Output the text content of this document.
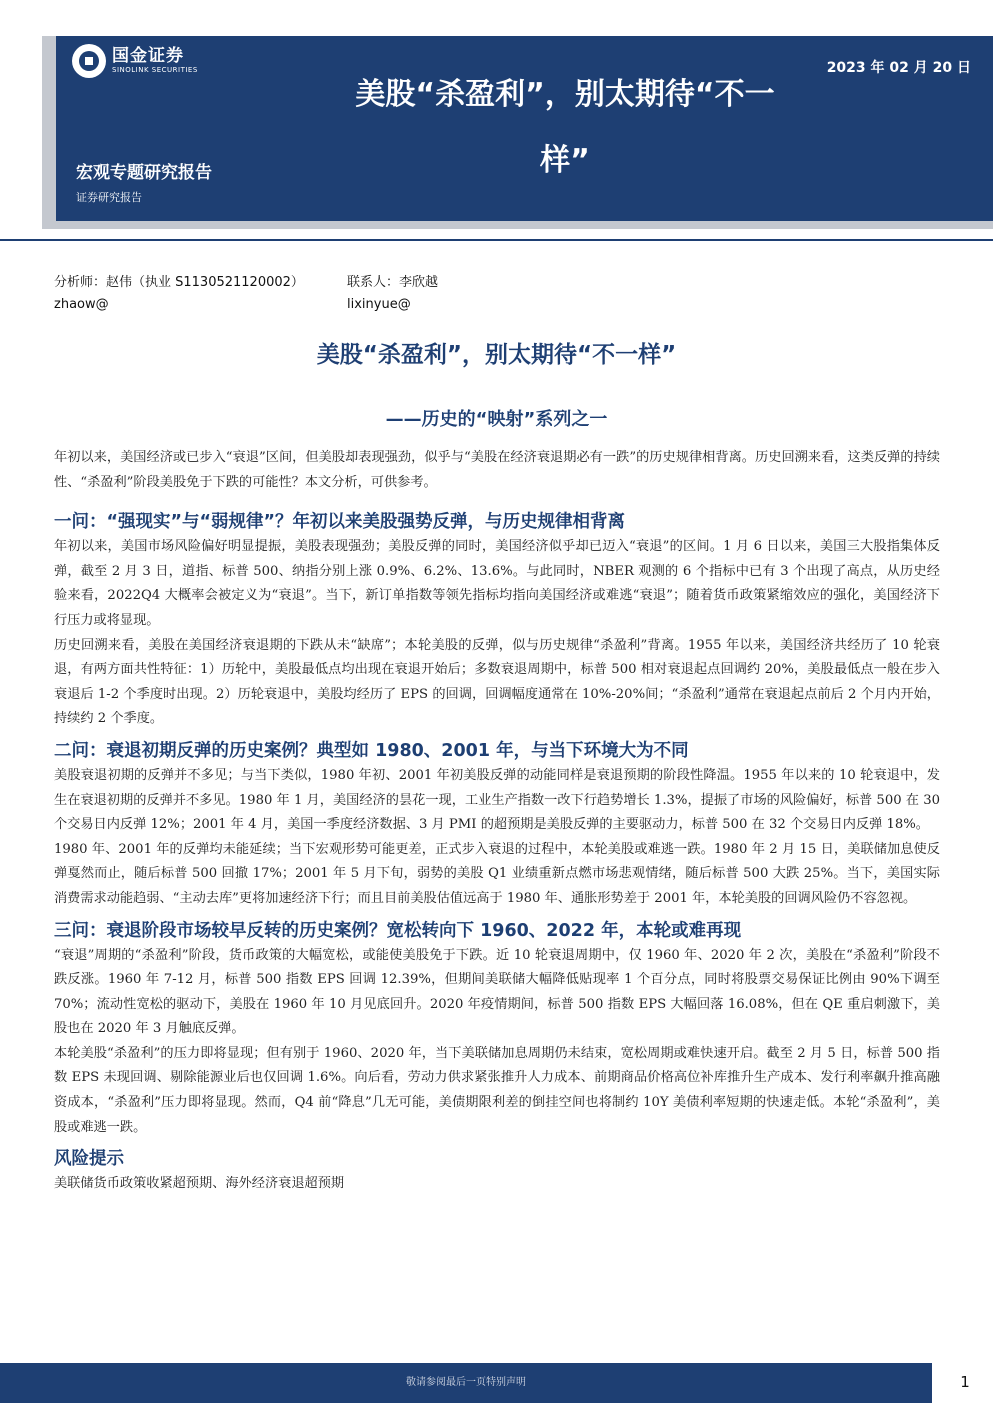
国金证券
SINOLINK SECURITIES	2023 年 02 月 20 日
美股“杀盈利”，别太期待“不一样”
宏观专题研究报告
证券研究报告
分析师：赵伟（执业 S1130521120002）
zhaow@
联系人：李欣越
lixinyue@
美股“杀盈利”，别太期待“不一样”
——历史的“映射”系列之一

年初以来，美国经济或已步入“衰退”区间，但美股却表现强劲，似乎与“美股在经济衰退期必有一跌”的历史规律相背离。历史回溯来看，这类反弹的持续性、“杀盈利”阶段美股免于下跌的可能性？本文分析，可供参考。

一问：“强现实”与“弱规律”？年初以来美股强势反弹，与历史规律相背离

年初以来，美国市场风险偏好明显提振，美股表现强劲；美股反弹的同时，美国经济似乎却已迈入“衰退”的区间。1 月 6 日以来，美国三大股指集体反弹，截至 2 月 3 日，道指、标普 500、纳指分别上涨 0.9%、6.2%、13.6%。与此同时，NBER 观测的 6 个指标中已有 3 个出现了高点，从历史经验来看，2022Q4 大概率会被定义为“衰退”。当下，新订单指数等领先指标均指向美国经济或难逃“衰退”；随着货币政策紧缩效应的强化，美国经济下行压力或将显现。

历史回溯来看，美股在美国经济衰退期的下跌从未“缺席”；本轮美股的反弹，似与历史规律“杀盈利”背离。1955 年以来，美国经济共经历了 10 轮衰退，有两方面共性特征：1）历轮中，美股最低点均出现在衰退开始后；多数衰退周期中，标普 500 相对衰退起点回调约 20%，美股最低点一般在步入衰退后 1-2 个季度时出现。2）历轮衰退中，美股均经历了 EPS 的回调，回调幅度通常在 10%-20%间；“杀盈利”通常在衰退起点前后 2 个月内开始，持续约 2 个季度。

二问：衰退初期反弹的历史案例？典型如 1980、2001 年，与当下环境大为不同

美股衰退初期的反弹并不多见；与当下类似，1980 年初、2001 年初美股反弹的动能同样是衰退预期的阶段性降温。1955 年以来的 10 轮衰退中，发生在衰退初期的反弹并不多见。1980 年 1 月，美国经济的昙花一现，工业生产指数一改下行趋势增长 1.3%，提振了市场的风险偏好，标普 500 在 30 个交易日内反弹 12%；2001 年 4 月，美国一季度经济数据、3 月 PMI 的超预期是美股反弹的主要驱动力，标普 500 在 32 个交易日内反弹 18%。

1980 年、2001 年的反弹均未能延续；当下宏观形势可能更差，正式步入衰退的过程中，本轮美股或难逃一跌。1980 年 2 月 15 日，美联储加息使反弹戛然而止，随后标普 500 回撤 17%；2001 年 5 月下旬，弱势的美股 Q1 业绩重新点燃市场悲观情绪，随后标普 500 大跌 25%。当下，美国实际消费需求动能趋弱、“主动去库”更将加速经济下行；而且目前美股估值远高于 1980 年、通胀形势差于 2001 年，本轮美股的回调风险仍不容忽视。

三问：衰退阶段市场较早反转的历史案例？宽松转向下 1960、2022 年，本轮或难再现

“衰退”周期的“杀盈利”阶段，货币政策的大幅宽松，或能使美股免于下跌。近 10 轮衰退周期中，仅 1960 年、2020 年 2 次，美股在“杀盈利”阶段不跌反涨。1960 年 7-12 月，标普 500 指数 EPS 回调 12.39%，但期间美联储大幅降低贴现率 1 个百分点，同时将股票交易保证比例由 90%下调至 70%；流动性宽松的驱动下，美股在 1960 年 10 月见底回升。2020 年疫情期间，标普 500 指数 EPS 大幅回落 16.08%，但在 QE 重启刺激下，美股也在 2020 年 3 月触底反弹。

本轮美股“杀盈利”的压力即将显现；但有别于 1960、2020 年，当下美联储加息周期仍未结束，宽松周期或难快速开启。截至 2 月 5 日，标普 500 指数 EPS 未现回调、剔除能源业后也仅回调 1.6%。向后看，劳动力供求紧张推升人力成本、前期商品价格高位补库推升生产成本、发行利率飙升推高融资成本，“杀盈利”压力即将显现。然而，Q4 前“降息”几无可能，美债期限利差的倒挂空间也将制约 10Y 美债利率短期的快速走低。本轮“杀盈利”，美股或难逃一跌。

风险提示
美联储货币政策收紧超预期、海外经济衰退超预期
敬请参阅最后一页特别声明	1
